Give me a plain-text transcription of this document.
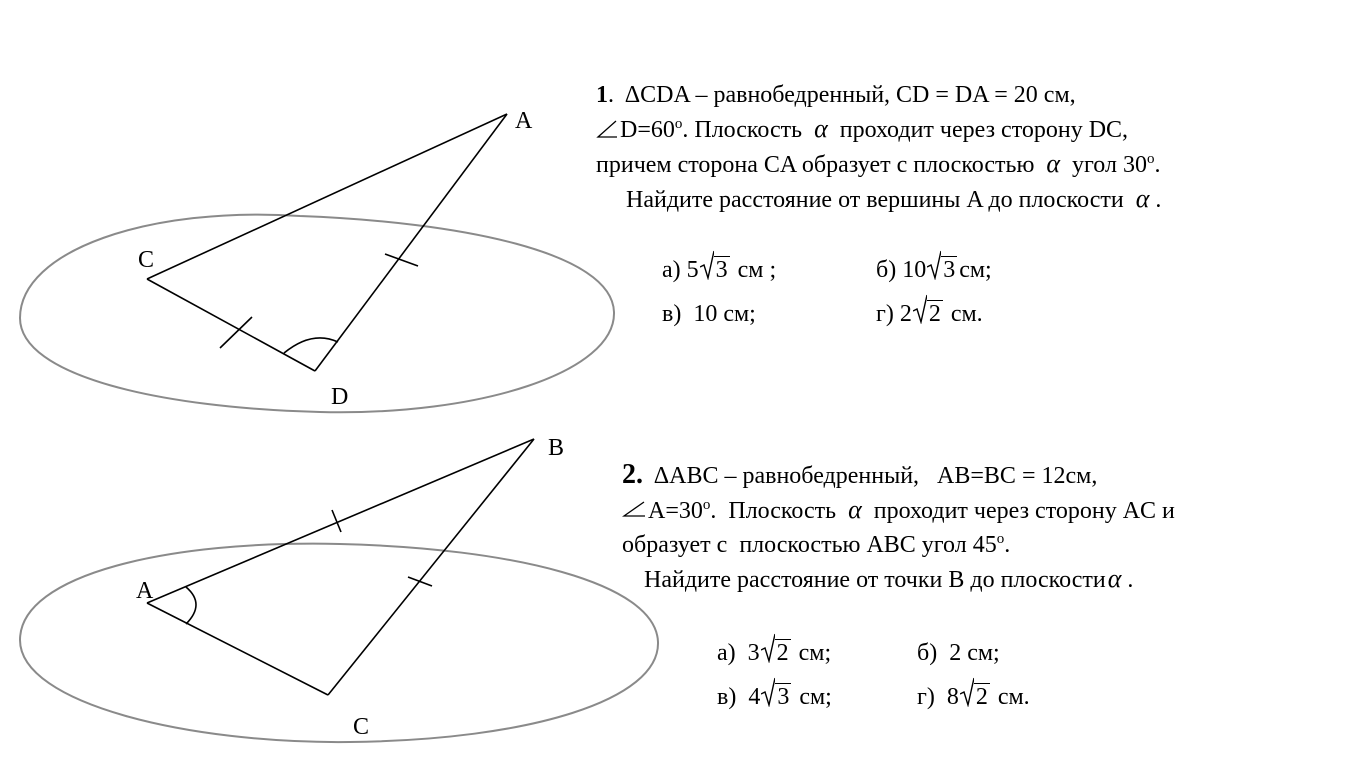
A
C
D
B
A
C
1.  ΔCDA – равнобедренный, CD = DA = 20 см,
$D=60^o$. Плоскость α проходит через сторону DC,
причем сторона CA образует с плоскостью α угол 30$^o$.
Найдите расстояние от вершины A до плоскости α .
а) 5 3 см ;	б) 10 3 см;
в) 10 см;	г) 2 2 см.
2. ΔABC – равнобедренный,   AB=BC = 12см,
$A=30^o$.  Плоскость α проходит через сторону AC и
образует с  плоскостью ABC угол 45$^o$.
Найдите расстояние от точки B до плоскостиα .
а) 3 2 см;	б) 2 см;
в) 4 3 см;	г) 8 2 см.
